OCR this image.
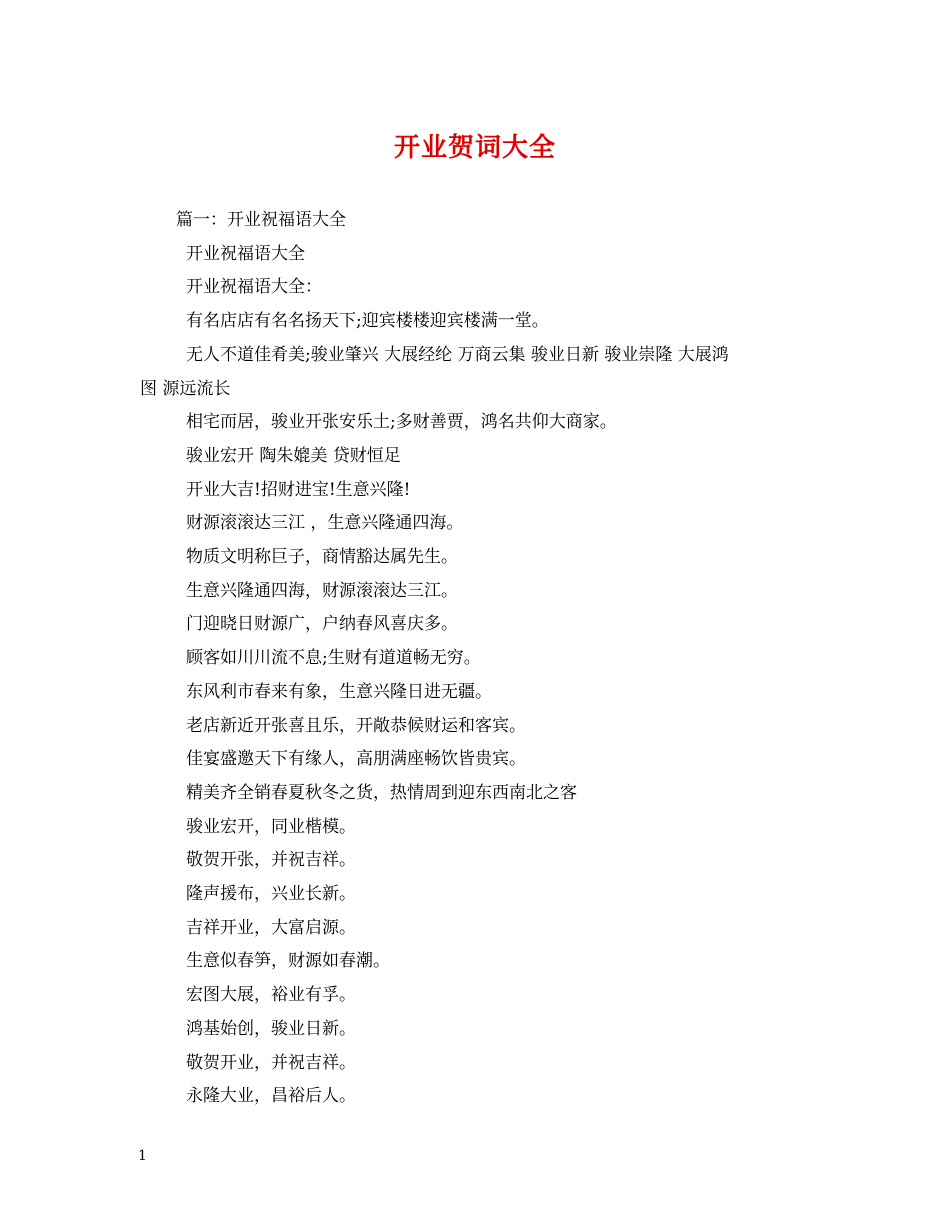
开业贺词大全

篇一：开业祝福语大全

开业祝福语大全

开业祝福语大全：

有名店店有名名扬天下;迎宾楼楼迎宾楼满一堂。

无人不道佳肴美;骏业肇兴 大展经纶 万商云集 骏业日新 骏业崇隆 大展鸿

图 源远流长

相宅而居，骏业开张安乐土;多财善贾，鸿名共仰大商家。

骏业宏开 陶朱媲美 贷财恒足

开业大吉!招财进宝!生意兴隆!

财源滚滚达三江 ，生意兴隆通四海。

物质文明称巨子，商情豁达属先生。

生意兴隆通四海，财源滚滚达三江。

门迎晓日财源广，户纳春风喜庆多。

顾客如川川流不息;生财有道道畅无穷。

东风利市春来有象，生意兴隆日进无疆。

老店新近开张喜且乐，开敞恭候财运和客宾。

佳宴盛邀天下有缘人，高朋满座畅饮皆贵宾。

精美齐全销春夏秋冬之货，热情周到迎东西南北之客

骏业宏开，同业楷模。

敬贺开张，并祝吉祥。

隆声援布，兴业长新。

吉祥开业，大富启源。

生意似春笋，财源如春潮。

宏图大展，裕业有孚。

鸿基始创，骏业日新。

敬贺开业，并祝吉祥。

永隆大业，昌裕后人。

1
